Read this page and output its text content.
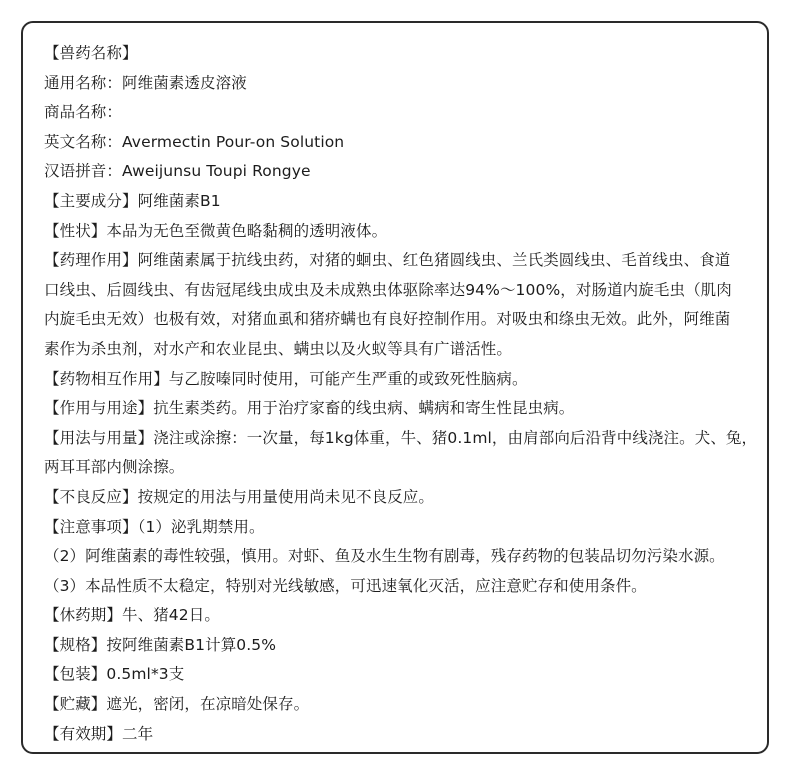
【兽药名称】
通用名称：阿维菌素透皮溶液
商品名称：
英文名称：Avermectin Pour-on Solution
汉语拼音：Aweijunsu Toupi Rongye
【主要成分】阿维菌素B1
【性状】本品为无色至微黄色略黏稠的透明液体。
【药理作用】阿维菌素属于抗线虫药，对猪的蛔虫、红色猪圆线虫、兰氏类圆线虫、毛首线虫、食道
口线虫、后圆线虫、有齿冠尾线虫成虫及未成熟虫体驱除率达94%～100%，对肠道内旋毛虫（肌肉
内旋毛虫无效）也极有效，对猪血虱和猪疥螨也有良好控制作用。对吸虫和绦虫无效。此外，阿维菌
素作为杀虫剂，对水产和农业昆虫、螨虫以及火蚁等具有广谱活性。
【药物相互作用】与乙胺嗪同时使用，可能产生严重的或致死性脑病。
【作用与用途】抗生素类药。用于治疗家畜的线虫病、螨病和寄生性昆虫病。
【用法与用量】浇注或涂擦：一次量，每1kg体重，牛、猪0.1ml，由肩部向后沿背中线浇注。犬、兔，
两耳耳部内侧涂擦。
【不良反应】按规定的用法与用量使用尚未见不良反应。
【注意事项】（1）泌乳期禁用。
（2）阿维菌素的毒性较强，慎用。对虾、鱼及水生生物有剧毒，残存药物的包装品切勿污染水源。
（3）本品性质不太稳定，特别对光线敏感，可迅速氧化灭活，应注意贮存和使用条件。
【休药期】牛、猪42日。
【规格】按阿维菌素B1计算0.5%
【包装】0.5ml*3支
【贮藏】遮光，密闭，在凉暗处保存。
【有效期】二年
